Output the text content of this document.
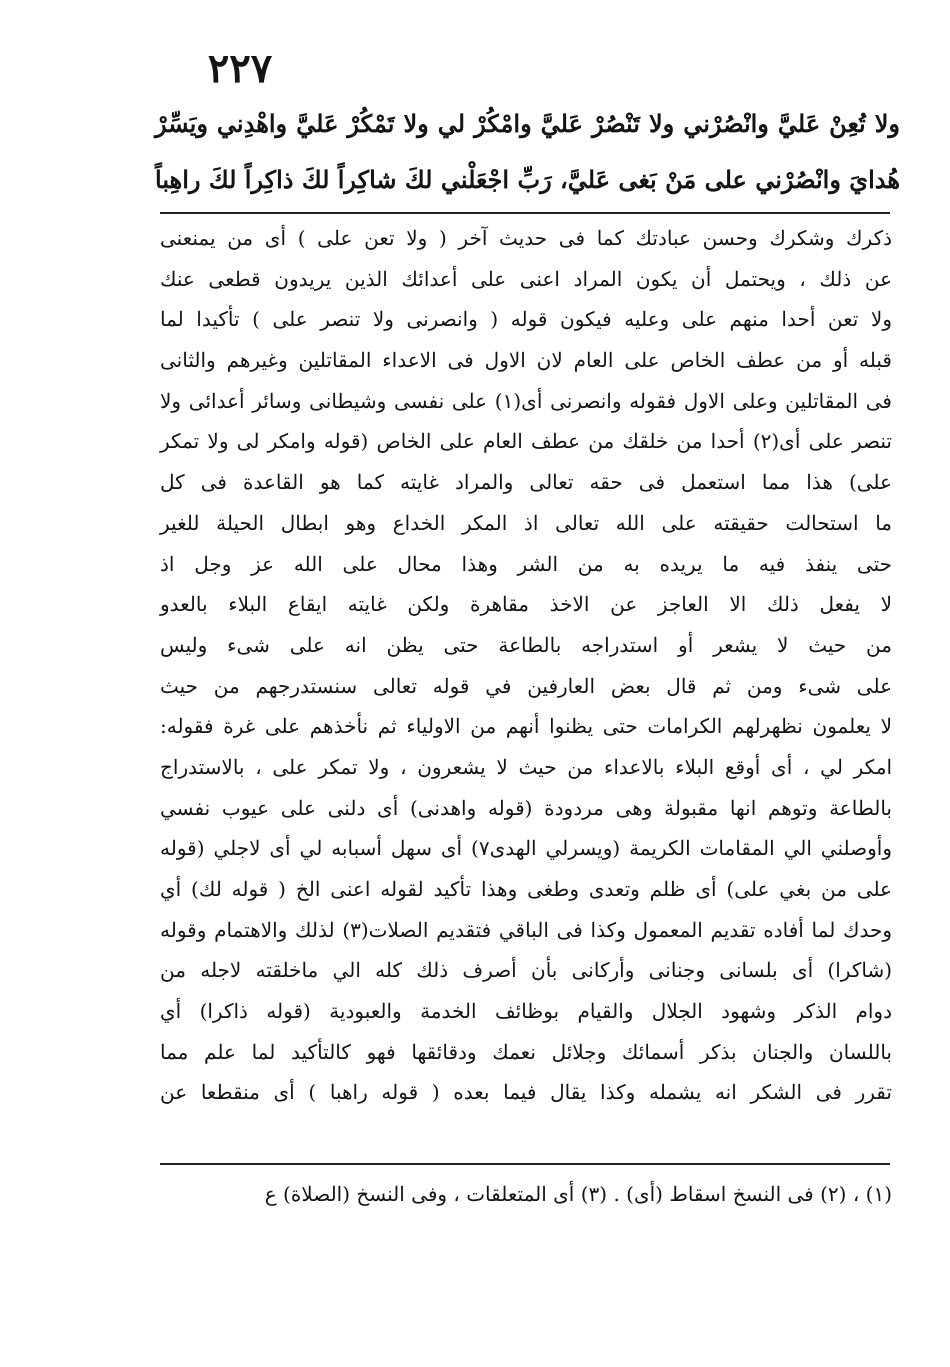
٢٢٧
ولا تُعِنْ عَليَّ وانْصُرْني ولا تَنْصُرْ عَليَّ وامْكُرْ لي ولا تَمْكُرْ عَليَّ واهْدِني ويَسِّرْ
هُدايَ وانْصُرْني على مَنْ بَغى عَليَّ، رَبِّ اجْعَلْني لكَ شاكِراً لكَ ذاكِراً لكَ راهِباً
ذكرك وشكرك وحسن عبادتك كما فى حديث آخر ( ولا تعن على ) أى من يمنعنى
عن ذلك ، ويحتمل أن يكون المراد اعنى على أعدائك الذين يريدون قطعى عنك
ولا تعن أحدا منهم على وعليه فيكون قوله ( وانصرنى ولا تنصر على ) تأكيدا لما
قبله أو من عطف الخاص على العام لان الاول فى الاعداء المقاتلين وغيرهم والثانى
فى المقاتلين وعلى الاول فقوله وانصرنى أى(١) على نفسى وشيطانى وسائر أعدائى ولا
تنصر على أى(٢) أحدا من خلقك من عطف العام على الخاص (قوله وامكر لى ولا تمكر
على) هذا مما استعمل فى حقه تعالى والمراد غايته كما هو القاعدة فى كل
ما استحالت حقيقته على الله تعالى اذ المكر الخداع وهو ابطال الحيلة للغير
حتى ينفذ فيه ما يريده به من الشر وهذا محال على الله عز وجل اذ
لا يفعل ذلك الا العاجز عن الاخذ مقاهرة ولكن غايته ايقاع البلاء بالعدو
من حيث لا يشعر أو استدراجه بالطاعة حتى يظن انه على شىء وليس
على شىء ومن ثم قال بعض العارفين في قوله تعالى سنستدرجهم من حيث
لا يعلمون نظهرلهم الكرامات حتى يظنوا أنهم من الاولياء ثم نأخذهم على غرة فقوله:
امكر لي ، أى أوقع البلاء بالاعداء من حيث لا يشعرون ، ولا تمكر على ، بالاستدراج
بالطاعة وتوهم انها مقبولة وهى مردودة (قوله واهدنى) أى دلنى على عيوب نفسي
وأوصلني الي المقامات الكريمة (ويسرلي الهدى٧) أى سهل أسبابه لي أى لاجلي (قوله
على من بغي على) أى ظلم وتعدى وطغى وهذا تأكيد لقوله اعنى الخ ( قوله لك) أي
وحدك لما أفاده تقديم المعمول وكذا فى الباقي فتقديم الصلات(٣) لذلك والاهتمام وقوله
(شاكرا) أى بلسانى وجنانى وأركانى بأن أصرف ذلك كله الي ماخلقته لاجله من
دوام الذكر وشهود الجلال والقيام بوظائف الخدمة والعبودية (قوله ذاكرا) أي
باللسان والجنان بذكر أسمائك وجلائل نعمك ودقائقها فهو كالتأكيد لما علم مما
تقرر فى الشكر انه يشمله وكذا يقال فيما بعده ( قوله راهبا ) أى منقطعا عن
(١) ، (٢) فى النسخ اسقاط (أى) . (٣) أى المتعلقات ، وفى النسخ (الصلاة) ع
